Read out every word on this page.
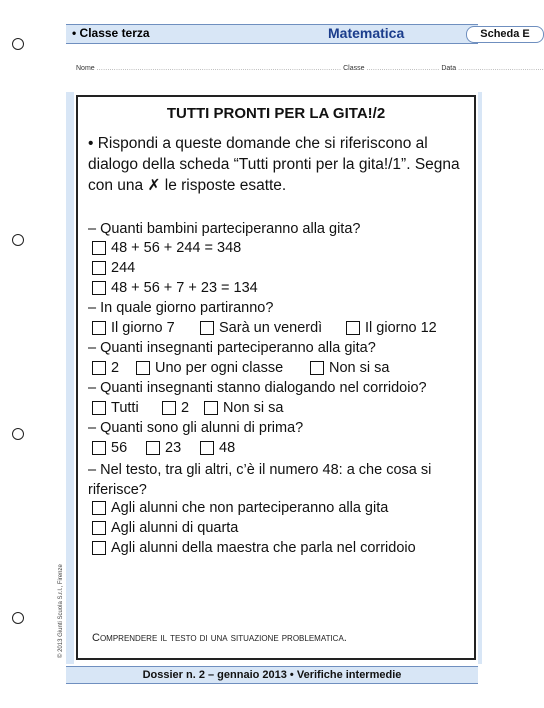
• Classe terza	Matematica	Scheda E
Nome .................................................................................................................. Classe .................................. Data ........................................
TUTTI PRONTI PER LA GITA!/2
• Rispondi a queste domande che si riferiscono al dialogo della scheda “Tutti pronti per la gita!/1”. Segna con una ✗ le risposte esatte.
– Quanti bambini parteciperanno alla gita?
48 + 56 + 244 = 348
244
48 + 56 + 7 + 23 = 134
– In quale giorno partiranno?
Il giorno 7	Sarà un venerdì	Il giorno 12
– Quanti insegnanti parteciperanno alla gita?
2 Uno per ogni classe	Non si sa
– Quanti insegnanti stanno dialogando nel corridoio?
Tutti	2 Non si sa
– Quanti sono gli alunni di prima?
56	23	48
– Nel testo, tra gli altri, c’è il numero 48: a che cosa si riferisce?
Agli alunni che non parteciperanno alla gita
Agli alunni di quarta
Agli alunni della maestra che parla nel corridoio
Comprendere il testo di una situazione problematica.
© 2013 Giunti Scuola S.r.l., Firenze
Dossier n. 2 – gennaio 2013 • Verifiche intermedie
